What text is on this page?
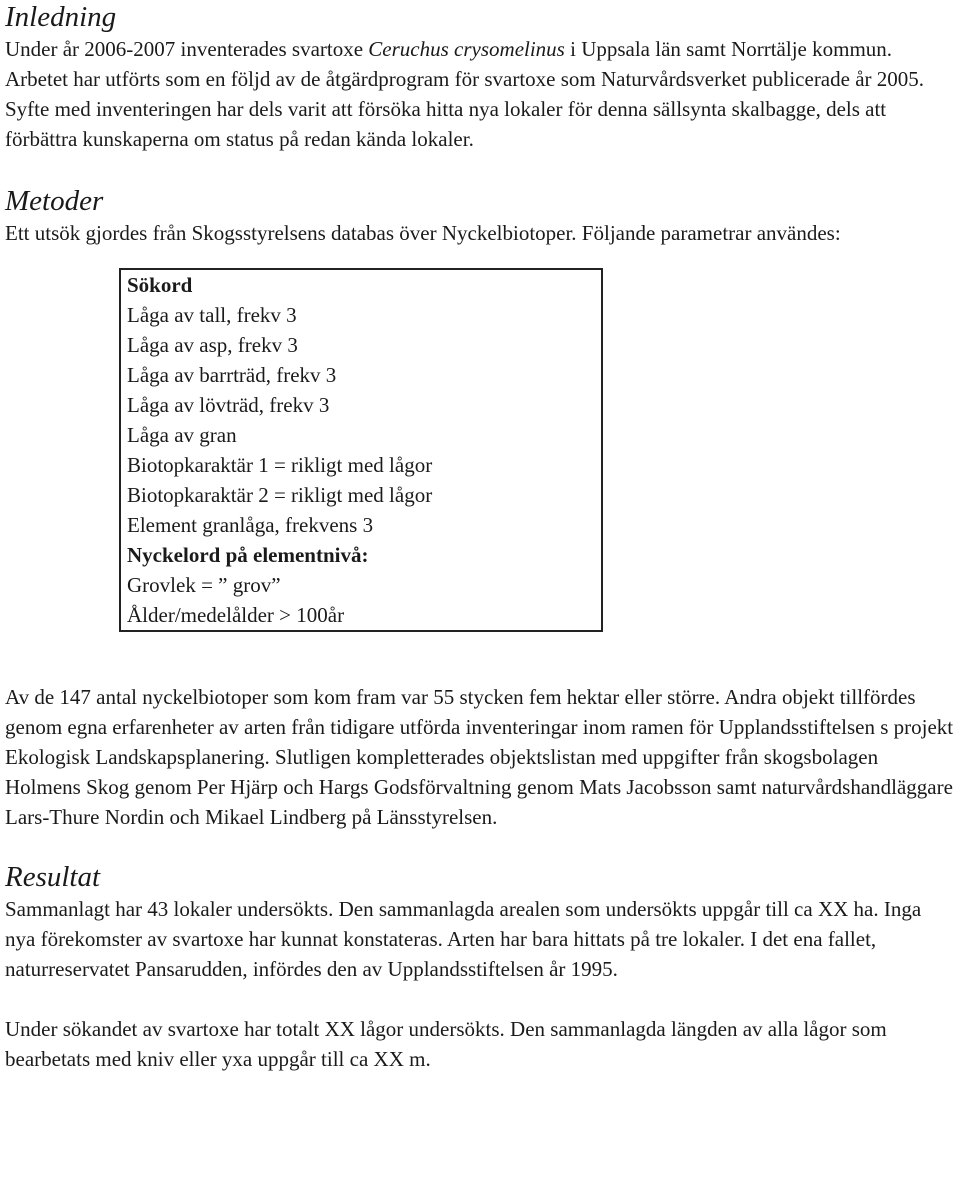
Inledning

Under år 2006-2007 inventerades svartoxe Ceruchus crysomelinus i Uppsala län samt Norrtälje kommun. Arbetet har utförts som en följd av de åtgärdprogram för svartoxe som Naturvårdsverket publicerade år 2005. Syfte med inventeringen har dels varit att försöka hitta nya lokaler för denna sällsynta skalbagge, dels att förbättra kunskaperna om status på redan kända lokaler.

Metoder

Ett utsök gjordes från Skogsstyrelsens databas över Nyckelbiotoper. Följande parametrar användes:

Sökord
Låga av tall, frekv 3
Låga av asp, frekv 3
Låga av barrträd, frekv 3
Låga av lövträd, frekv 3
Låga av gran
Biotopkaraktär 1 = rikligt med lågor
Biotopkaraktär 2 = rikligt med lågor
Element granlåga, frekvens 3
Nyckelord på elementnivå:
Grovlek = ” grov”
Ålder/medelålder > 100år

Av de 147 antal nyckelbiotoper som kom fram var 55 stycken fem hektar eller större. Andra objekt tillfördes genom egna erfarenheter av arten från tidigare utförda inventeringar inom ramen för Upplandsstiftelsen s projekt Ekologisk Landskapsplanering. Slutligen kompletterades objektslistan med uppgifter från skogsbolagen Holmens Skog genom Per Hjärp och Hargs Godsförvaltning genom Mats Jacobsson samt naturvårdshandläggare Lars-Thure Nordin och Mikael Lindberg på Länsstyrelsen.

Resultat

Sammanlagt har 43 lokaler undersökts. Den sammanlagda arealen som undersökts uppgår till ca XX ha. Inga nya förekomster av svartoxe har kunnat konstateras. Arten har bara hittats på tre lokaler. I det ena fallet, naturreservatet Pansarudden, infördes den av Upplandsstiftelsen år 1995.

Under sökandet av svartoxe har totalt XX lågor undersökts. Den sammanlagda längden av alla lågor som bearbetats med kniv eller yxa uppgår till ca XX m.
